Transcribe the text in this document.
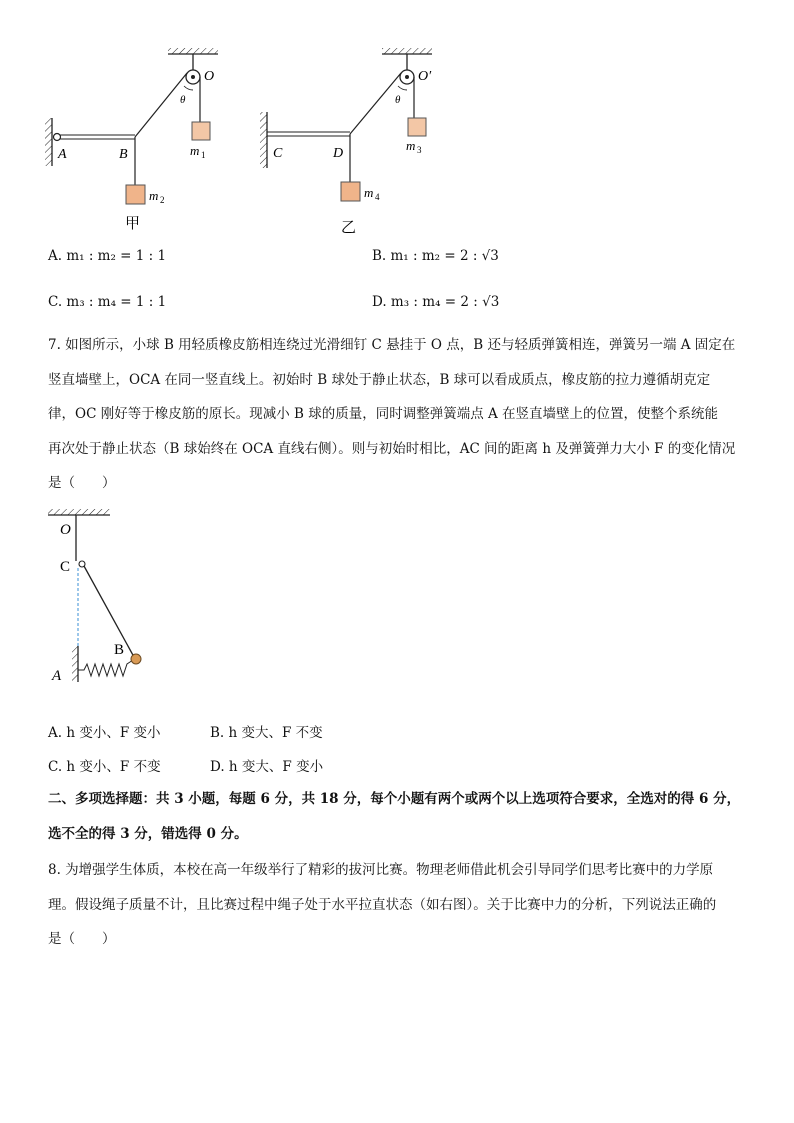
O
θ
A	B	m 1
m 2
甲
O′
θ
C	D
m 3
m 4
乙
A. m₁ : m₂ = 1 : 1	B. m₁ : m₂ = 2 : √3
C. m₃ : m₄ = 1 : 1	D. m₃ : m₄ = 2 : √3
7. 如图所示，小球 B 用轻质橡皮筋相连绕过光滑细钉 C 悬挂于 O 点，B 还与轻质弹簧相连，弹簧另一端 A 固定在
竖直墙壁上，OCA 在同一竖直线上。初始时 B 球处于静止状态，B 球可以看成质点，橡皮筋的拉力遵循胡克定
律，OC 刚好等于橡皮筋的原长。现减小 B 球的质量，同时调整弹簧端点 A 在竖直墙壁上的位置，使整个系统能
再次处于静止状态（B 球始终在 OCA 直线右侧）。则与初始时相比，AC 间的距离 h 及弹簧弹力大小 F 的变化情况
是（　　）
O
C
B
A
A. h 变小、F 变小	B. h 变大、F 不变
C. h 变小、F 不变	D. h 变大、F 变小
二、多项选择题：共 3 小题，每题 6 分，共 18 分，每个小题有两个或两个以上选项符合要求，全选对的得 6 分，
选不全的得 3 分，错选得 0 分。
8. 为增强学生体质，本校在高一年级举行了精彩的拔河比赛。物理老师借此机会引导同学们思考比赛中的力学原
理。假设绳子质量不计，且比赛过程中绳子处于水平拉直状态（如右图）。关于比赛中力的分析，下列说法正确的
是（　　）
